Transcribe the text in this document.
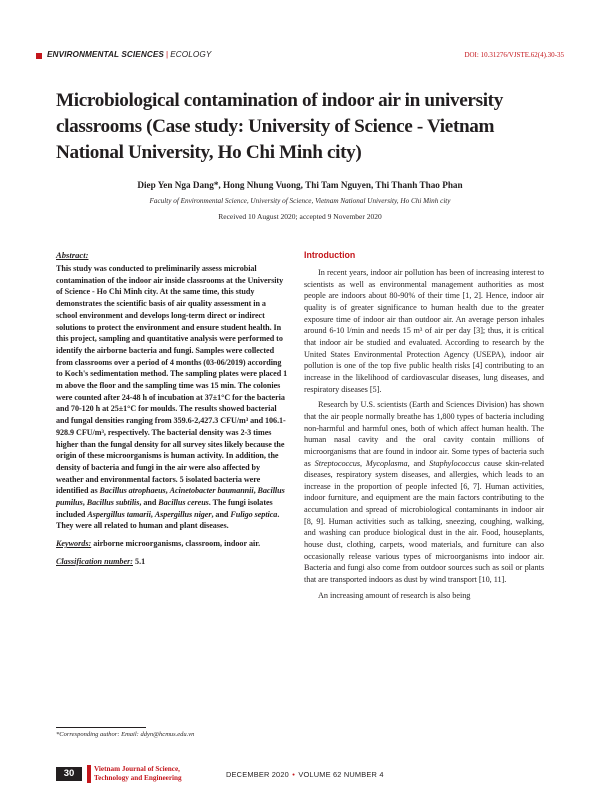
ENVIRONMENTAL SCIENCES | ECOLOGY	DOI: 10.31276/VJSTE.62(4).30-35
Microbiological contamination of indoor air in university classrooms (Case study: University of Science - Vietnam National University, Ho Chi Minh city)
Diep Yen Nga Dang*, Hong Nhung Vuong, Thi Tam Nguyen, Thi Thanh Thao Phan
Faculty of Environmental Science, University of Science, Vietnam National University, Ho Chi Minh city
Received 10 August 2020; accepted 9 November 2020
Abstract:
This study was conducted to preliminarily assess microbial contamination of the indoor air inside classrooms at the University of Science - Ho Chi Minh city. At the same time, this study demonstrates the scientific basis of air quality assessment in a school environment and develops long-term direct or indirect solutions to protect the environment and ensure student health. In this project, sampling and quantitative analysis were performed to identify the airborne bacteria and fungi. Samples were collected from classrooms over a period of 4 months (03-06/2019) according to Koch's sedimentation method. The sampling plates were placed 1 m above the floor and the sampling time was 15 min. The colonies were counted after 24-48 h of incubation at 37±1°C for the bacteria and 70-120 h at 25±1°C for moulds. The results showed bacterial and fungal densities ranging from 359.6-2,427.3 CFU/m³ and 106.1-928.9 CFU/m³, respectively. The bacterial density was 2-3 times higher than the fungal density for all survey sites likely because the origin of these microorganisms is human activity. In addition, the density of bacteria and fungi in the air were also affected by weather and environmental factors. 5 isolated bacteria were identified as Bacillus atrophaeus, Acinetobacter baumannii, Bacillus pumilus, Bacillus subtilis, and Bacillus cereus. The fungi isolates included Aspergillus tamarii, Aspergillus niger, and Fuligo septica. They were all related to human and plant diseases.
Keywords: airborne microorganisms, classroom, indoor air.
Classification number: 5.1
Introduction

In recent years, indoor air pollution has been of increasing interest to scientists as well as environmental management authorities as most people are indoors about 80-90% of their time [1, 2]. Hence, indoor air quality is of greater significance to human health due to the greater exposure time of indoor air than outdoor air. An average person inhales around 6-10 l/min and needs 15 m³ of air per day [3]; thus, it is critical that indoor air be studied and evaluated. According to research by the United States Environmental Protection Agency (USEPA), indoor air pollution is one of the top five public health risks [4] contributing to an increase in the likelihood of cardiovascular diseases, lung diseases, and respiratory diseases [5].

Research by U.S. scientists (Earth and Sciences Division) has shown that the air people normally breathe has 1,800 types of bacteria including non-harmful and harmful ones, both of which affect human health. The human nasal cavity and the oral cavity contain millions of microorganisms that are found in indoor air. Some types of bacteria such as Streptococcus, Mycoplasma, and Staphylococcus cause skin-related diseases, respiratory system diseases, and allergies, which leads to an increase in the proportion of people infected [6, 7]. Human activities, indoor furniture, and equipment are the main factors contributing to the accumulation and spread of microbiological contaminants in indoor air [8, 9]. Human activities such as talking, sneezing, coughing, walking, and washing can produce biological dust in the air. Food, houseplants, house dust, clothing, carpets, wood materials, and furniture can also occasionally release various types of microorganisms into indoor air. Bacteria and fungi also come from outdoor sources such as soil or plants that are transported indoors as dust by wind transport [10, 11].

An increasing amount of research is also being

*Corresponding author: Email: ddyn@hcmus.edu.vn
30	Vietnam Journal of Science,
Technology and Engineering	DECEMBER 2020 • VOLUME 62 NUMBER 4
